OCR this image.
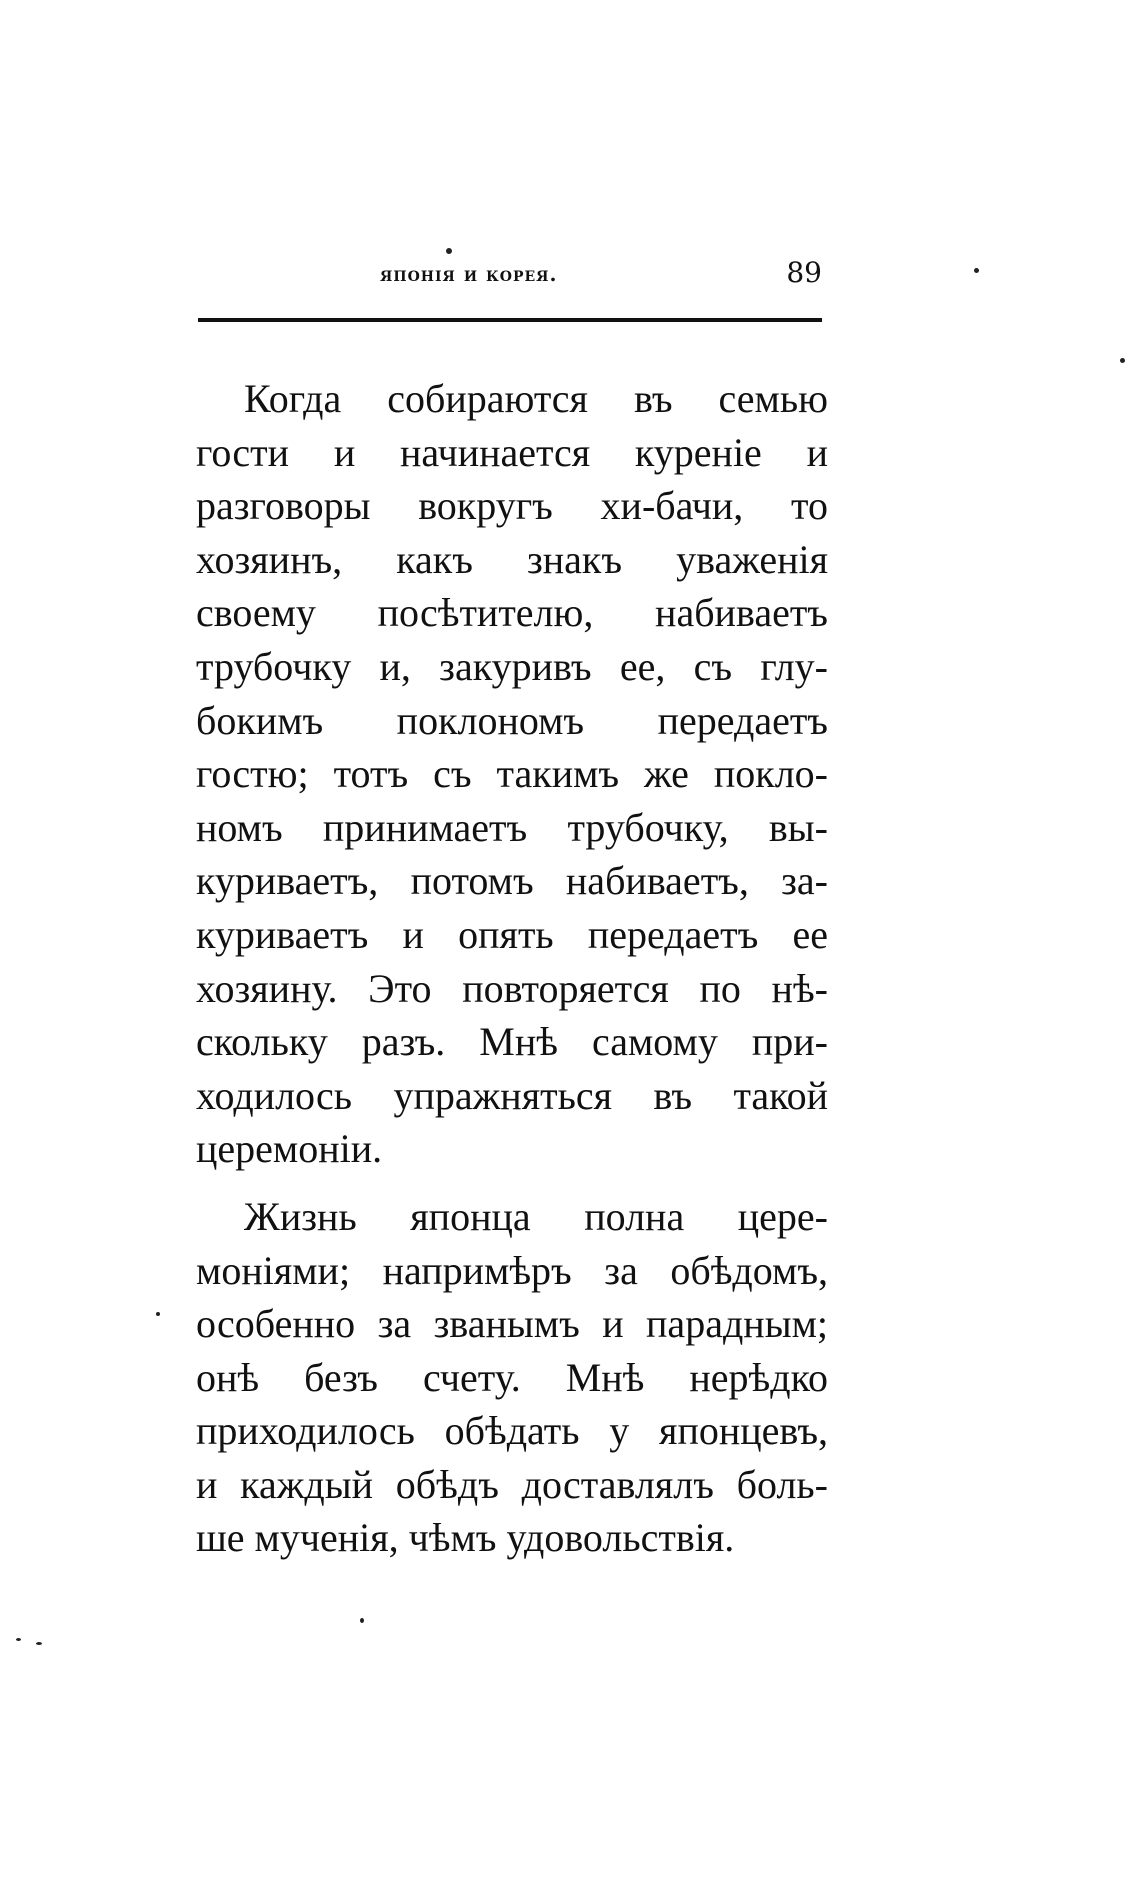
японія и корея.	89

Когда собираются въ семью
гости и начинается куреніе и
разговоры вокругъ хи-бачи, то
хозяинъ, какъ знакъ уваженія
своему посѣтителю, набиваетъ
трубочку и, закуривъ ее, съ глу-
бокимъ поклономъ передаетъ
гостю; тотъ съ такимъ же покло-
номъ принимаетъ трубочку, вы-
куриваетъ, потомъ набиваетъ, за-
куриваетъ и опять передаетъ ее
хозяину. Это повторяется по нѣ-
скольку разъ. Мнѣ самому при-
ходилось упражняться въ такой
церемоніи.

Жизнь японца полна цере-
моніями; напримѣръ за обѣдомъ,
особенно за званымъ и парадным;
онѣ безъ счету. Мнѣ нерѣдко
приходилось обѣдать у японцевъ,
и каждый обѣдъ доставлялъ боль-
ше мученія, чѣмъ удовольствія.
